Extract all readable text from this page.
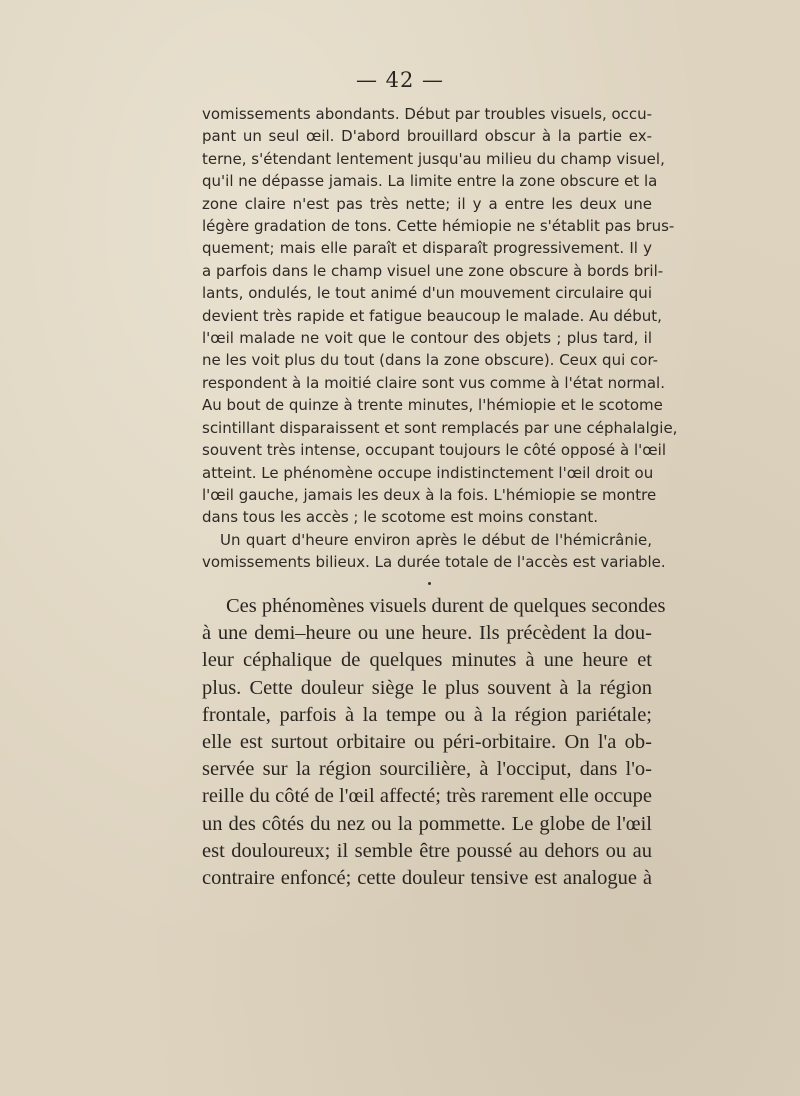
— 42 —
vomissements abondants. Début par troubles visuels, occu-
pant un seul œil. D'abord brouillard obscur à la partie ex-
terne, s'étendant lentement jusqu'au milieu du champ visuel,
qu'il ne dépasse jamais. La limite entre la zone obscure et la
zone claire n'est pas très nette; il y a entre les deux une
légère gradation de tons. Cette hémiopie ne s'établit pas brus-
quement; mais elle paraît et disparaît progressivement. Il y
a parfois dans le champ visuel une zone obscure à bords bril-
lants, ondulés, le tout animé d'un mouvement circulaire qui
devient très rapide et fatigue beaucoup le malade. Au début,
l'œil malade ne voit que le contour des objets ; plus tard, il
ne les voit plus du tout (dans la zone obscure). Ceux qui cor-
respondent à la moitié claire sont vus comme à l'état normal.
Au bout de quinze à trente minutes, l'hémiopie et le scotome
scintillant disparaissent et sont remplacés par une céphalalgie,
souvent très intense, occupant toujours le côté opposé à l'œil
atteint. Le phénomène occupe indistinctement l'œil droit ou
l'œil gauche, jamais les deux à la fois. L'hémiopie se montre
dans tous les accès ; le scotome est moins constant.
Un quart d'heure environ après le début de l'hémicrânie,
vomissements bilieux. La durée totale de l'accès est variable.
Ces phénomènes visuels durent de quelques secondes
à une demi–heure ou une heure. Ils précèdent la dou-
leur céphalique de quelques minutes à une heure et
plus. Cette douleur siège le plus souvent à la région
frontale, parfois à la tempe ou à la région pariétale;
elle est surtout orbitaire ou péri-orbitaire. On l'a ob-
servée sur la région sourcilière, à l'occiput, dans l'o-
reille du côté de l'œil affecté; très rarement elle occupe
un des côtés du nez ou la pommette. Le globe de l'œil
est douloureux; il semble être poussé au dehors ou au
contraire enfoncé; cette douleur tensive est analogue à
